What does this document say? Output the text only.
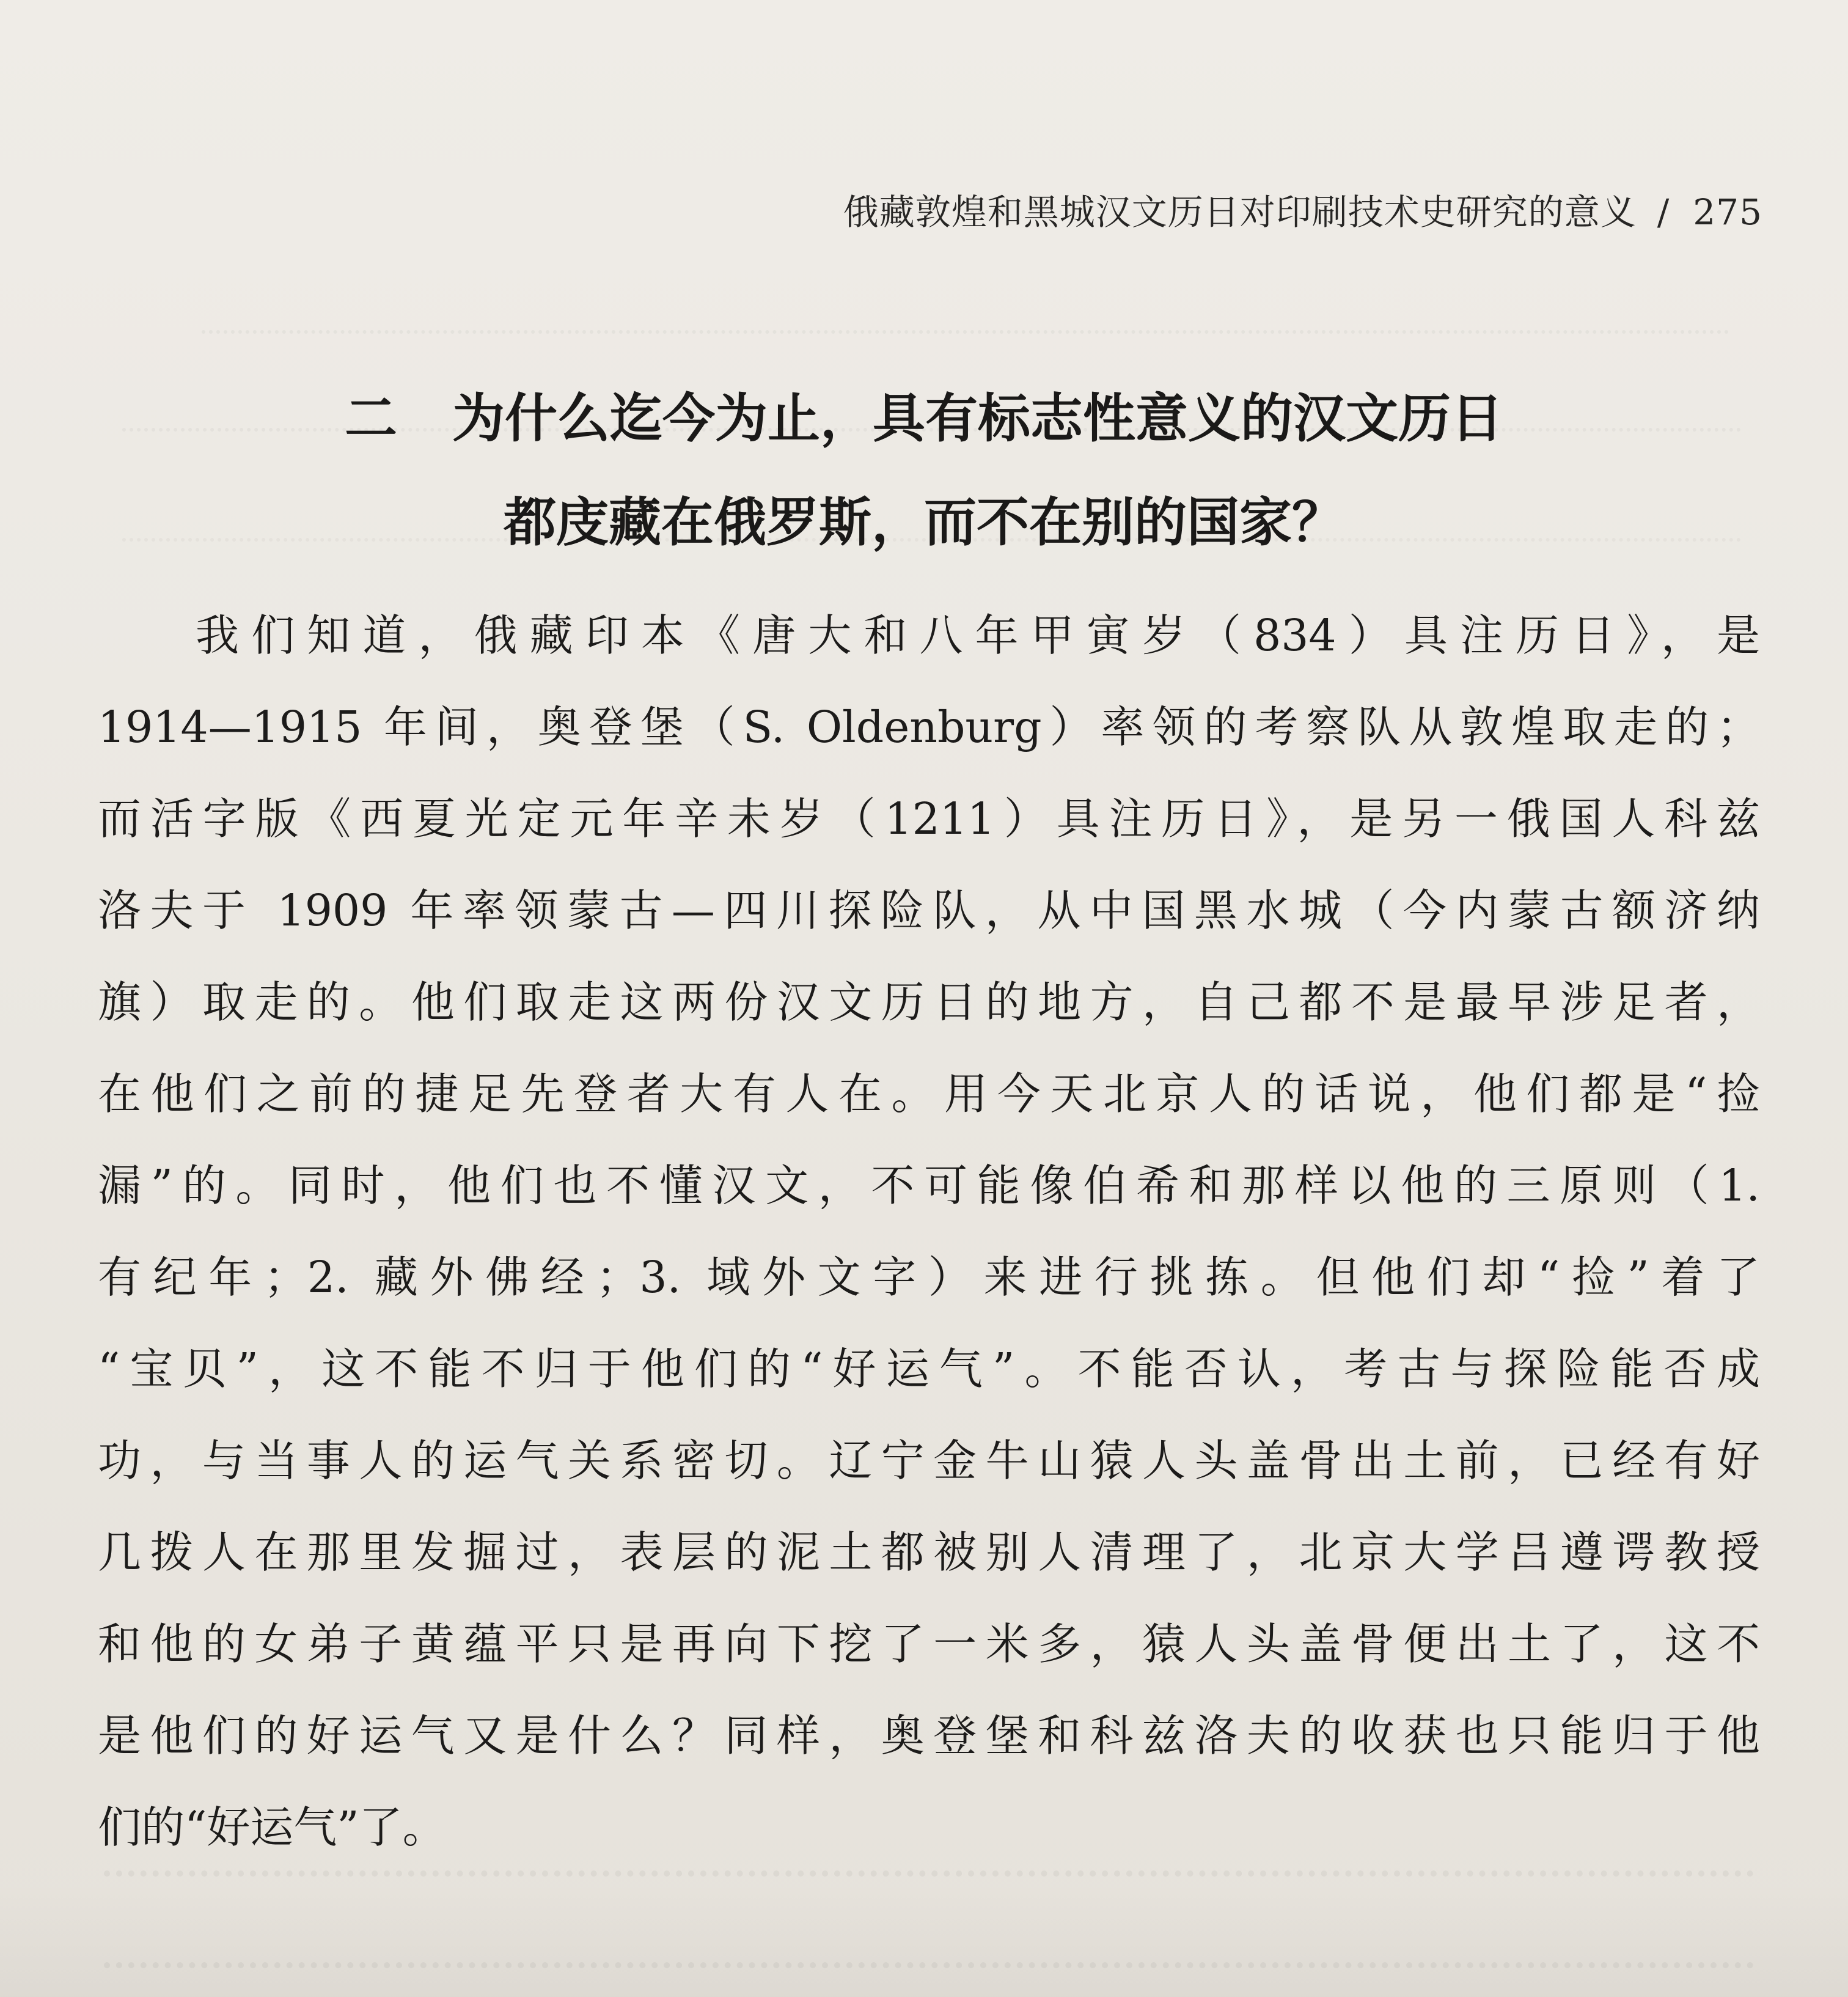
俄藏敦煌和黑城汉文历日对印刷技术史研究的意义 / 275
二 为什么迄今为止，具有标志性意义的汉文历日
都庋藏在俄罗斯，而不在别的国家？
我们知道，俄藏印本《唐大和八年甲寅岁（834）具注历日》，是
1914—1915 年间，奥登堡（S. Oldenburg）率领的考察队从敦煌取走的；
而活字版《西夏光定元年辛未岁（1211）具注历日》，是另一俄国人科兹
洛夫于 1909 年率领蒙古—四川探险队，从中国黑水城（今内蒙古额济纳
旗）取走的。他们取走这两份汉文历日的地方，自己都不是最早涉足者，
在他们之前的捷足先登者大有人在。用今天北京人的话说，他们都是“捡
漏”的。同时，他们也不懂汉文，不可能像伯希和那样以他的三原则（1.
有纪年；2. 藏外佛经；3. 域外文字）来进行挑拣。但他们却“捡”着了
“宝贝”，这不能不归于他们的“好运气”。不能否认，考古与探险能否成
功，与当事人的运气关系密切。辽宁金牛山猿人头盖骨出土前，已经有好
几拨人在那里发掘过，表层的泥土都被别人清理了，北京大学吕遵谔教授
和他的女弟子黄蕴平只是再向下挖了一米多，猿人头盖骨便出土了，这不
是他们的好运气又是什么？同样，奥登堡和科兹洛夫的收获也只能归于他
们的“好运气”了。
